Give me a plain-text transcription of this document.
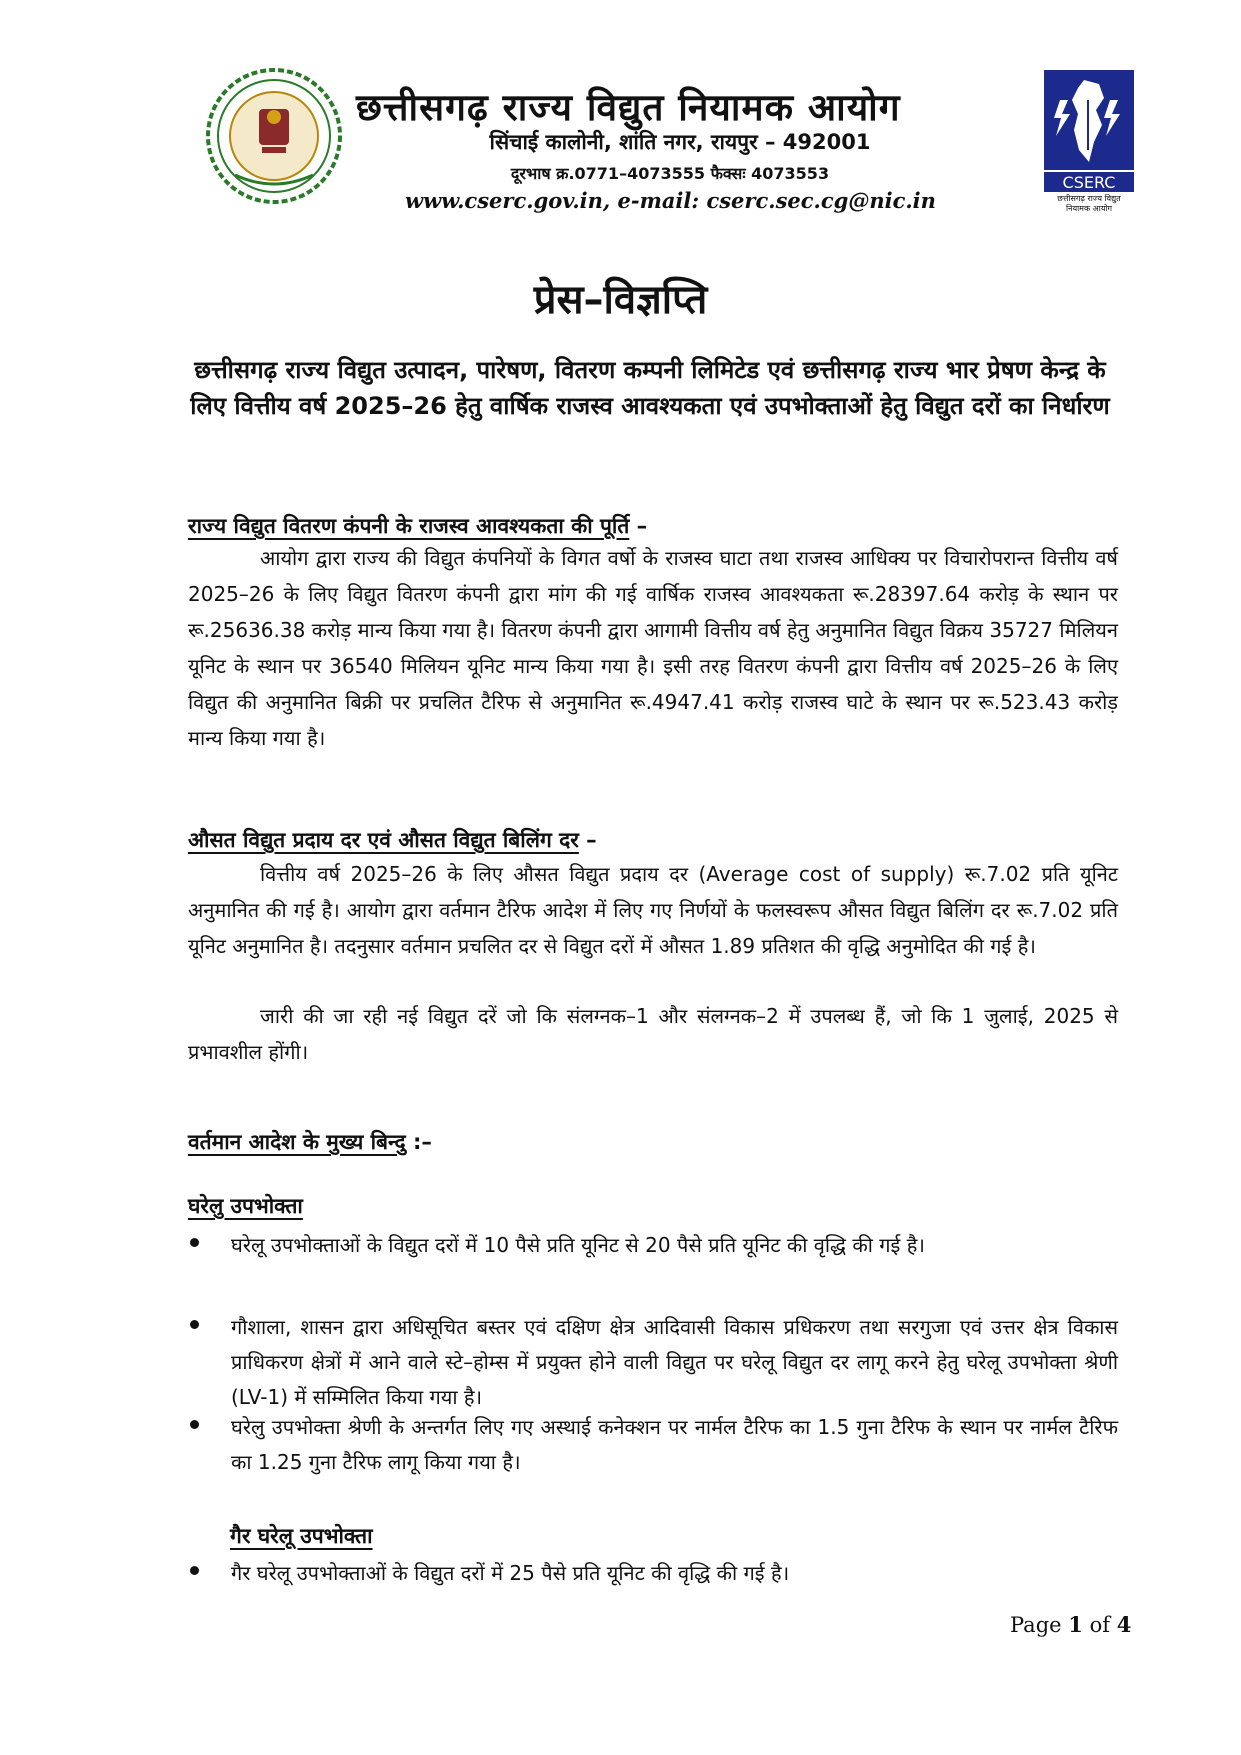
छत्तीसगढ़ राज्य विद्युत नियामक आयोग
सिंचाई कालोनी, शांति नगर, रायपुर – 492001
दूरभाष क्र.0771–4073555 फैक्सः 4073553
www.cserc.gov.in, e-mail: cserc.sec.cg@nic.in
CSERC
छत्तीसगढ़ राज्य विद्युत नियामक आयोग
प्रेस–विज्ञप्ति
छत्तीसगढ़ राज्य विद्युत उत्पादन, पारेषण, वितरण कम्पनी लिमिटेड एवं छत्तीसगढ़ राज्य भार प्रेषण केन्द्र के लिए वित्तीय वर्ष 2025–26 हेतु वार्षिक राजस्व आवश्यकता एवं उपभोक्ताओं हेतु विद्युत दरों का निर्धारण
राज्य विद्युत वितरण कंपनी के राजस्व आवश्यकता की पूर्ति –
आयोग द्वारा राज्य की विद्युत कंपनियों के विगत वर्षो के राजस्व घाटा तथा राजस्व आधिक्य पर विचारोपरान्त वित्तीय वर्ष 2025–26 के लिए विद्युत वितरण कंपनी द्वारा मांग की गई वार्षिक राजस्व आवश्यकता रू.28397.64 करोड़ के स्थान पर रू.25636.38 करोड़ मान्य किया गया है। वितरण कंपनी द्वारा आगामी वित्तीय वर्ष हेतु अनुमानित विद्युत विक्रय 35727 मिलियन यूनिट के स्थान पर 36540 मिलियन यूनिट मान्य किया गया है। इसी तरह वितरण कंपनी द्वारा वित्तीय वर्ष 2025–26 के लिए विद्युत की अनुमानित बिक्री पर प्रचलित टैरिफ से अनुमानित रू.4947.41 करोड़ राजस्व घाटे के स्थान पर रू.523.43 करोड़ मान्य किया गया है।
औसत विद्युत प्रदाय दर एवं औसत विद्युत बिलिंग दर –
वित्तीय वर्ष 2025–26 के लिए औसत विद्युत प्रदाय दर (Average cost of supply) रू.7.02 प्रति यूनिट अनुमानित की गई है। आयोग द्वारा वर्तमान टैरिफ आदेश में लिए गए निर्णयों के फलस्वरूप औसत विद्युत बिलिंग दर रू.7.02 प्रति यूनिट अनुमानित है। तदनुसार वर्तमान प्रचलित दर से विद्युत दरों में औसत 1.89 प्रतिशत की वृद्धि अनुमोदित की गई है।
जारी की जा रही नई विद्युत दरें जो कि संलग्नक–1 और संलग्नक–2 में उपलब्ध हैं, जो कि 1 जुलाई, 2025 से प्रभावशील होंगी।
वर्तमान आदेश के मुख्य बिन्दु :–
घरेलु उपभोक्ता
घरेलू उपभोक्ताओं के विद्युत दरों में 10 पैसे प्रति यूनिट से 20 पैसे प्रति यूनिट की वृद्धि की गई है।
गौशाला, शासन द्वारा अधिसूचित बस्तर एवं दक्षिण क्षेत्र आदिवासी विकास प्रधिकरण तथा सरगुजा एवं उत्तर क्षेत्र विकास प्राधिकरण क्षेत्रों में आने वाले स्टे–होम्स में प्रयुक्त होने वाली विद्युत पर घरेलू विद्युत दर लागू करने हेतु घरेलू उपभोक्ता श्रेणी (LV-1) में सम्मिलित किया गया है।
घरेलु उपभोक्ता श्रेणी के अन्तर्गत लिए गए अस्थाई कनेक्शन पर नार्मल टैरिफ का 1.5 गुना टैरिफ के स्थान पर नार्मल टैरिफ का 1.25 गुना टैरिफ लागू किया गया है।
गैर घरेलू उपभोक्ता
गैर घरेलू उपभोक्ताओं के विद्युत दरों में 25 पैसे प्रति यूनिट की वृद्धि की गई है।
Page 1 of 4
